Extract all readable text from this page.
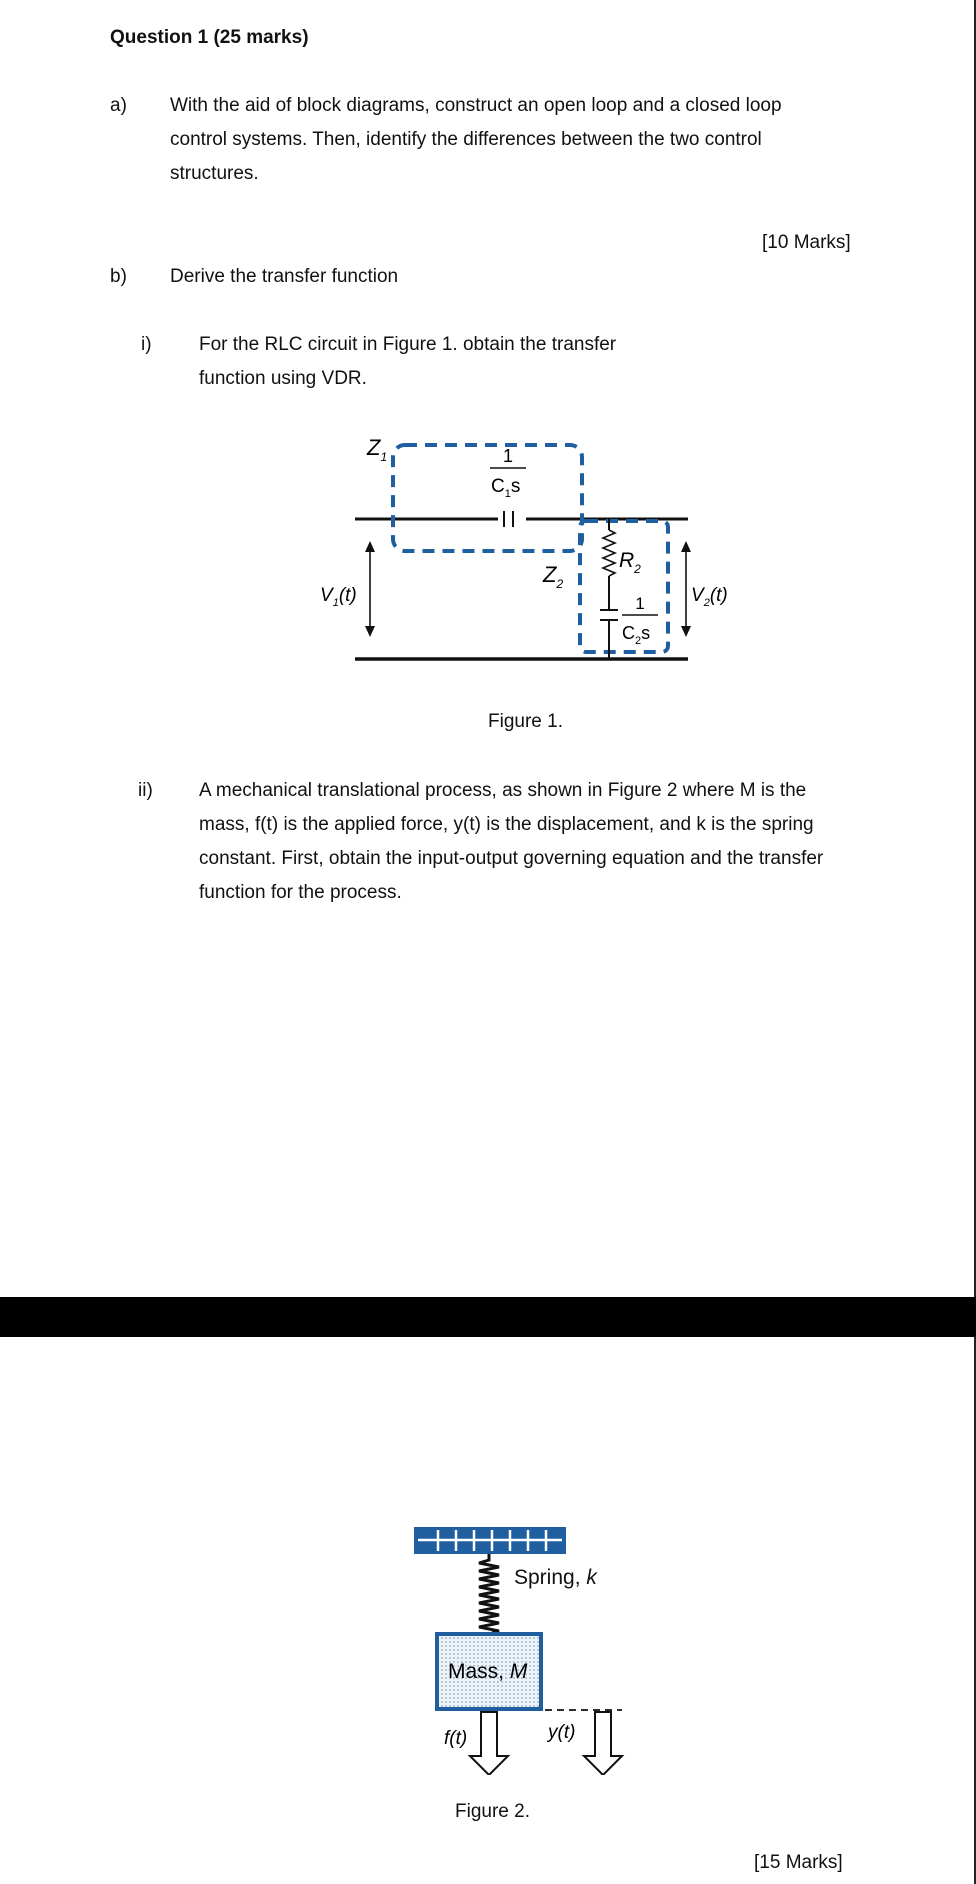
Question 1 (25 marks)
a) With the aid of block diagrams, construct an open loop and a closed loop
control systems. Then, identify the differences between the two control
structures.
[10 Marks]
b) Derive the transfer function
i) For the RLC circuit in Figure 1. obtain the transfer
function using VDR.
1
$C_1s$
$Z_1$
$R_2$
1
$C_2s$
$Z_2$
$V_1(t)$	$V_2(t)$
Figure 1.
ii) A mechanical translational process, as shown in Figure 2 where M is the
mass, f(t) is the applied force, y(t) is the displacement, and k is the spring
constant. First, obtain the input-output governing equation and the transfer
function for the process.
Mass, M
f(t)	y(t)
Spring, k
Figure 2.
[15 Marks]
